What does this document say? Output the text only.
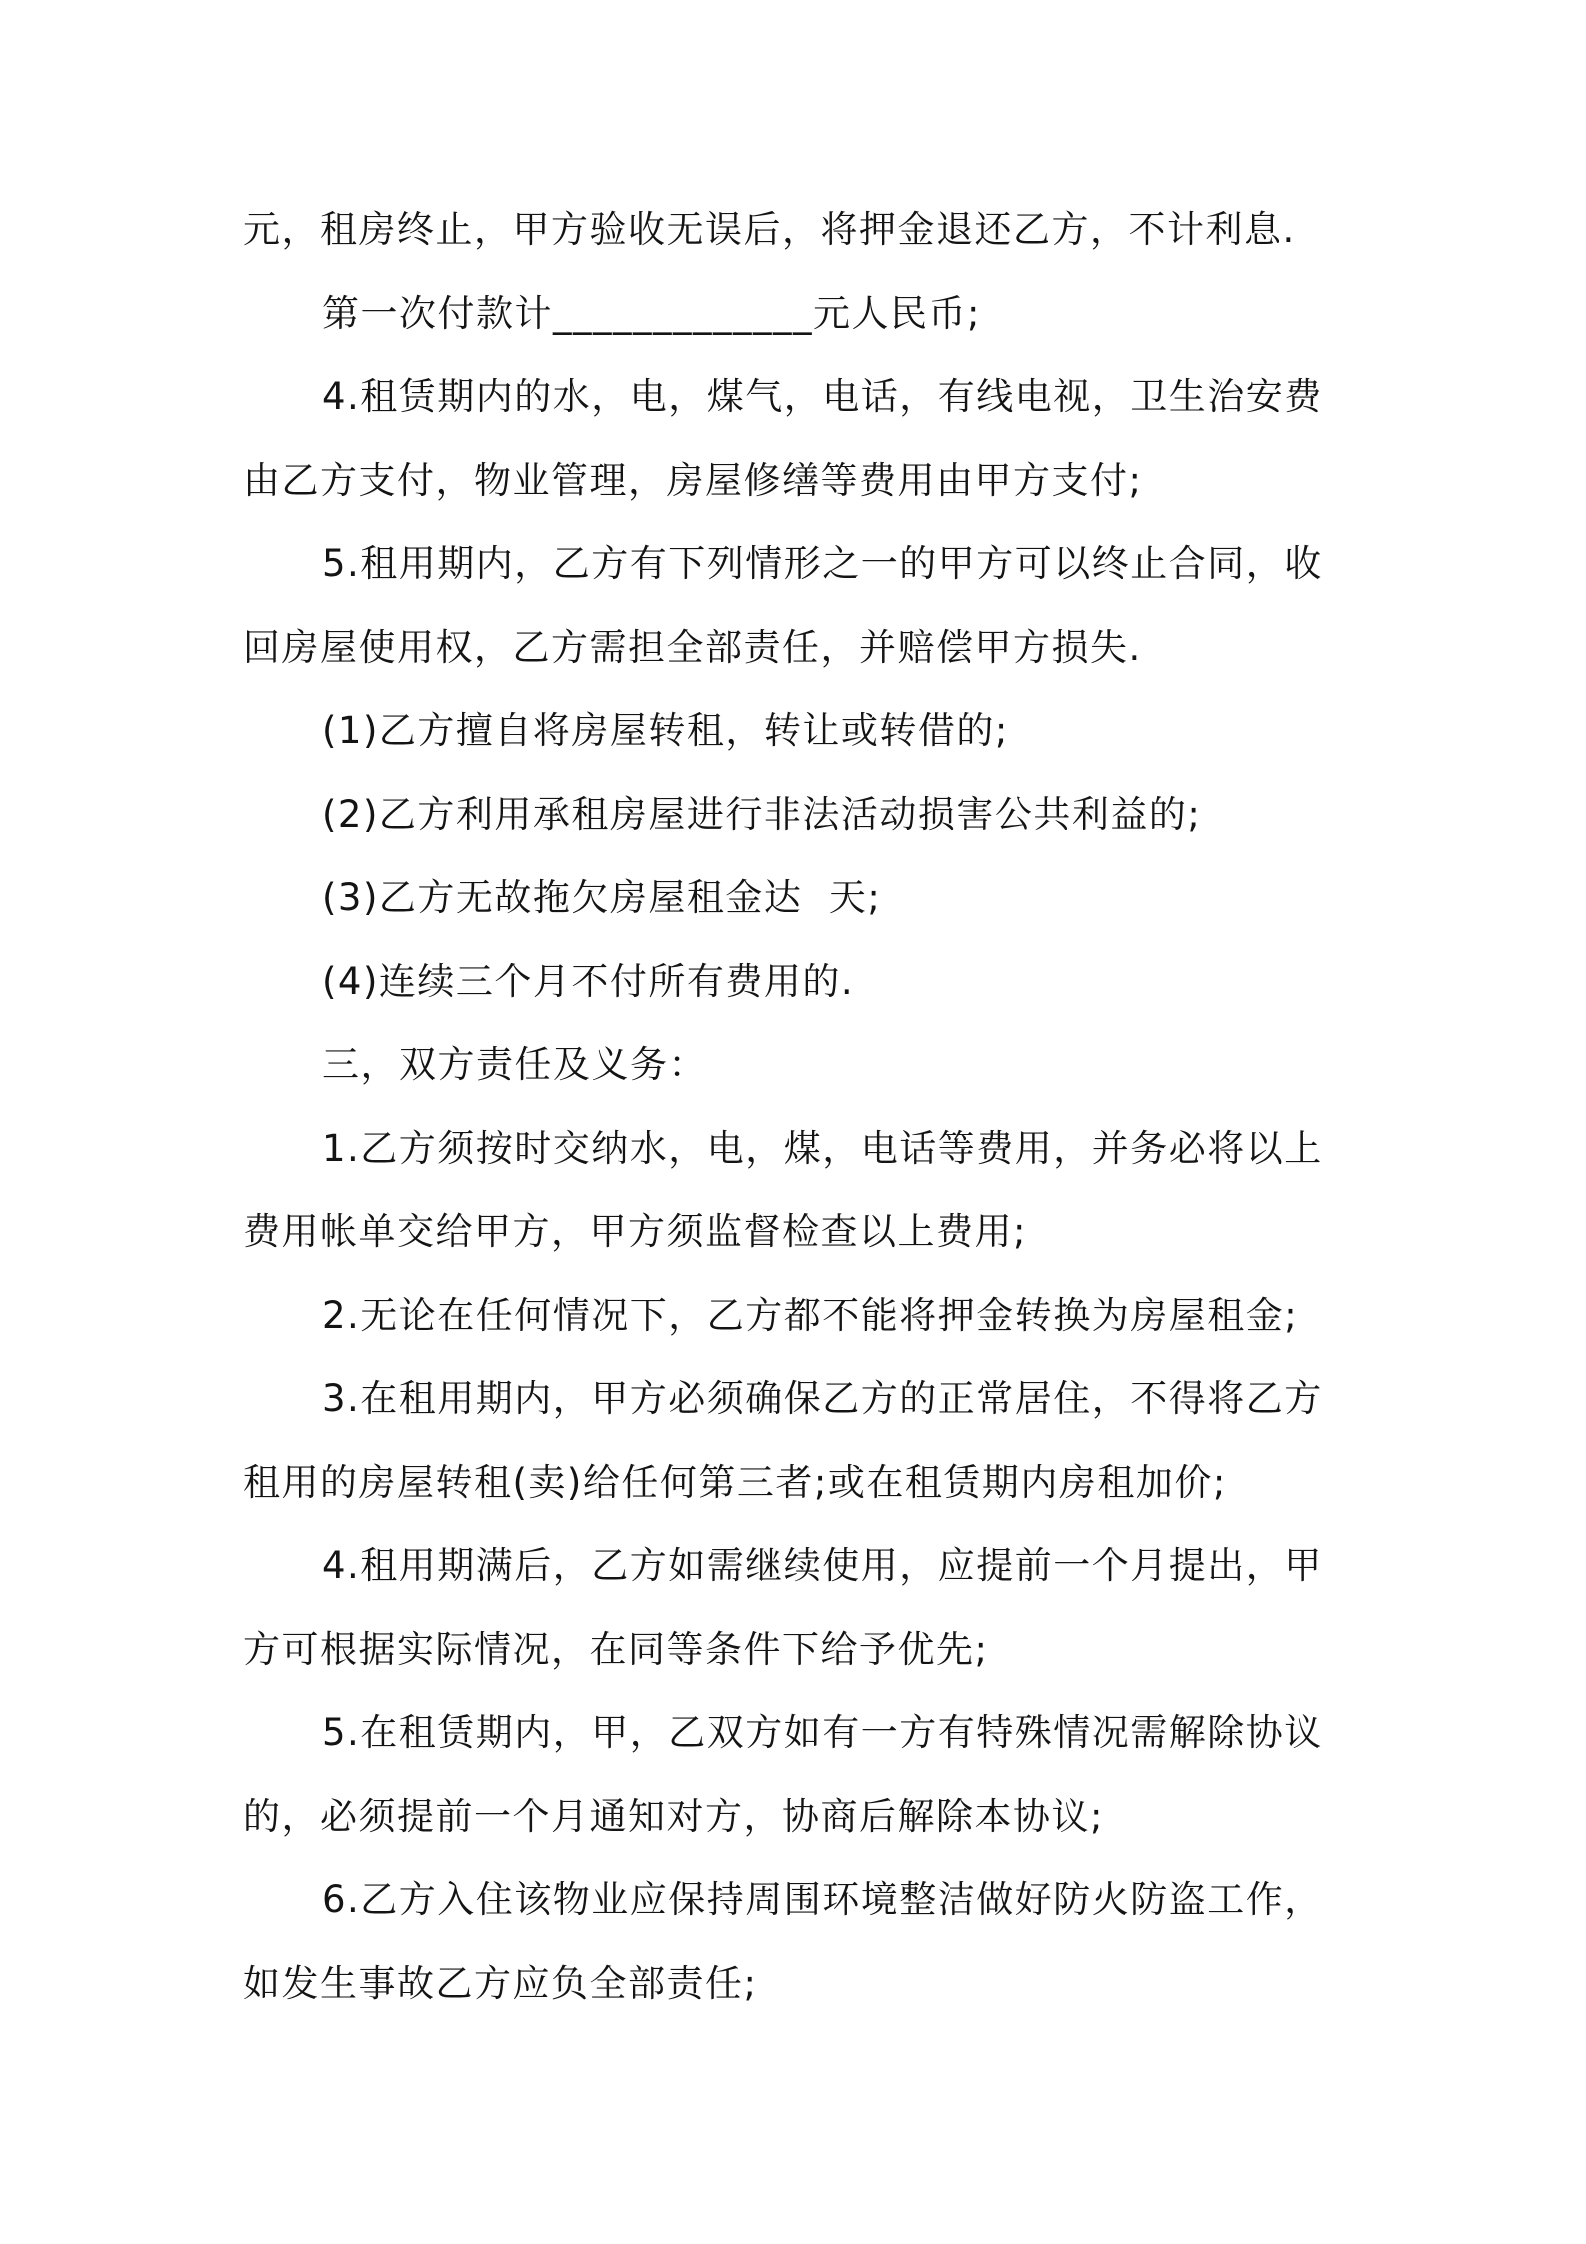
元，租房终止，甲方验收无误后，将押金退还乙方，不计利息.

第一次付款计_____________元人民币;

4.租赁期内的水，电，煤气，电话，有线电视，卫生治安费

由乙方支付，物业管理，房屋修缮等费用由甲方支付;

5.租用期内，乙方有下列情形之一的甲方可以终止合同，收

回房屋使用权，乙方需担全部责任，并赔偿甲方损失.

(1)乙方擅自将房屋转租，转让或转借的;

(2)乙方利用承租房屋进行非法活动损害公共利益的;

(3)乙方无故拖欠房屋租金达  天;

(4)连续三个月不付所有费用的.

三，双方责任及义务：

1.乙方须按时交纳水，电，煤，电话等费用，并务必将以上

费用帐单交给甲方，甲方须监督检查以上费用;

2.无论在任何情况下，乙方都不能将押金转换为房屋租金;

3.在租用期内，甲方必须确保乙方的正常居住，不得将乙方

租用的房屋转租(卖)给任何第三者;或在租赁期内房租加价;

4.租用期满后，乙方如需继续使用，应提前一个月提出，甲

方可根据实际情况，在同等条件下给予优先;

5.在租赁期内，甲，乙双方如有一方有特殊情况需解除协议

的，必须提前一个月通知对方，协商后解除本协议;

6.乙方入住该物业应保持周围环境整洁做好防火防盗工作，

如发生事故乙方应负全部责任;
